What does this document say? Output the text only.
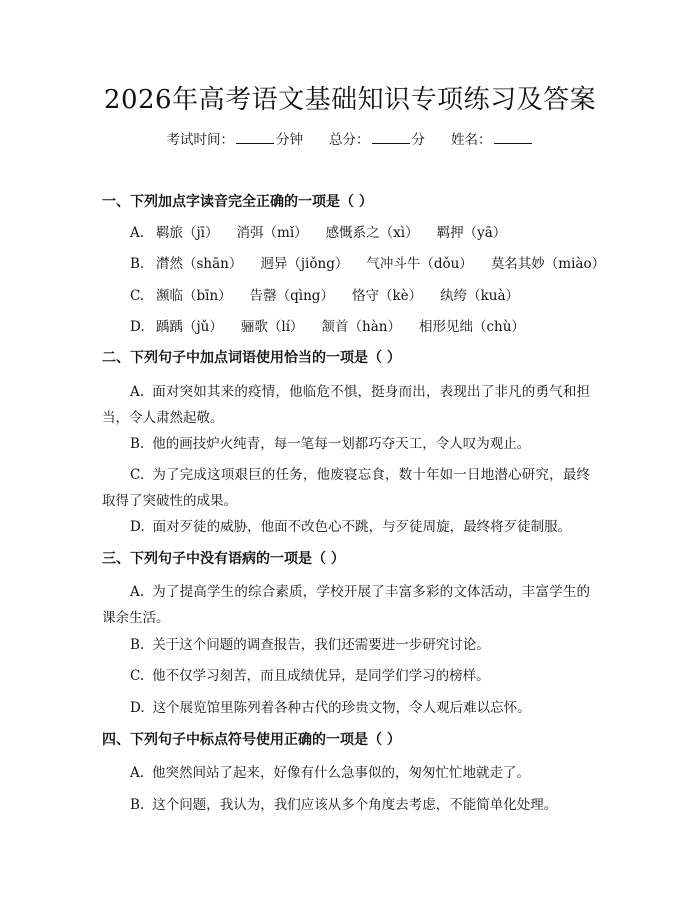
2026年高考语文基础知识专项练习及答案
考试时间：	分钟 总分：	分 姓名：
一、下列加点字读音完全正确的一项是（ ）
A. 羁旅（jī） 消弭（mǐ） 感慨系之（xì） 羁押（yā）
B. 潸然（shān） 迥异（jiǒng） 气冲斗牛（dǒu） 莫名其妙（miào）
C. 濒临（bīn） 告罄（qìng） 恪守（kè） 纨绔（kuà）
D. 踽踽（jǔ） 骊歌（lí） 颔首（hàn） 相形见绌（chù）
二、下列句子中加点词语使用恰当的一项是（ ）
A. 面对突如其来的疫情，他临危不惧，挺身而出，表现出了非凡的勇气和担当，令人肃然起敬。
B. 他的画技炉火纯青，每一笔每一划都巧夺天工，令人叹为观止。
C. 为了完成这项艰巨的任务，他废寝忘食，数十年如一日地潜心研究，最终取得了突破性的成果。
D. 面对歹徒的威胁，他面不改色心不跳，与歹徒周旋，最终将歹徒制服。
三、下列句子中没有语病的一项是（ ）
A. 为了提高学生的综合素质，学校开展了丰富多彩的文体活动，丰富学生的课余生活。
B. 关于这个问题的调查报告，我们还需要进一步研究讨论。
C. 他不仅学习刻苦，而且成绩优异，是同学们学习的榜样。
D. 这个展览馆里陈列着各种古代的珍贵文物，令人观后难以忘怀。
四、下列句子中标点符号使用正确的一项是（ ）
A. 他突然间站了起来，好像有什么急事似的，匆匆忙忙地就走了。
B. 这个问题，我认为，我们应该从多个角度去考虑，不能简单化处理。
